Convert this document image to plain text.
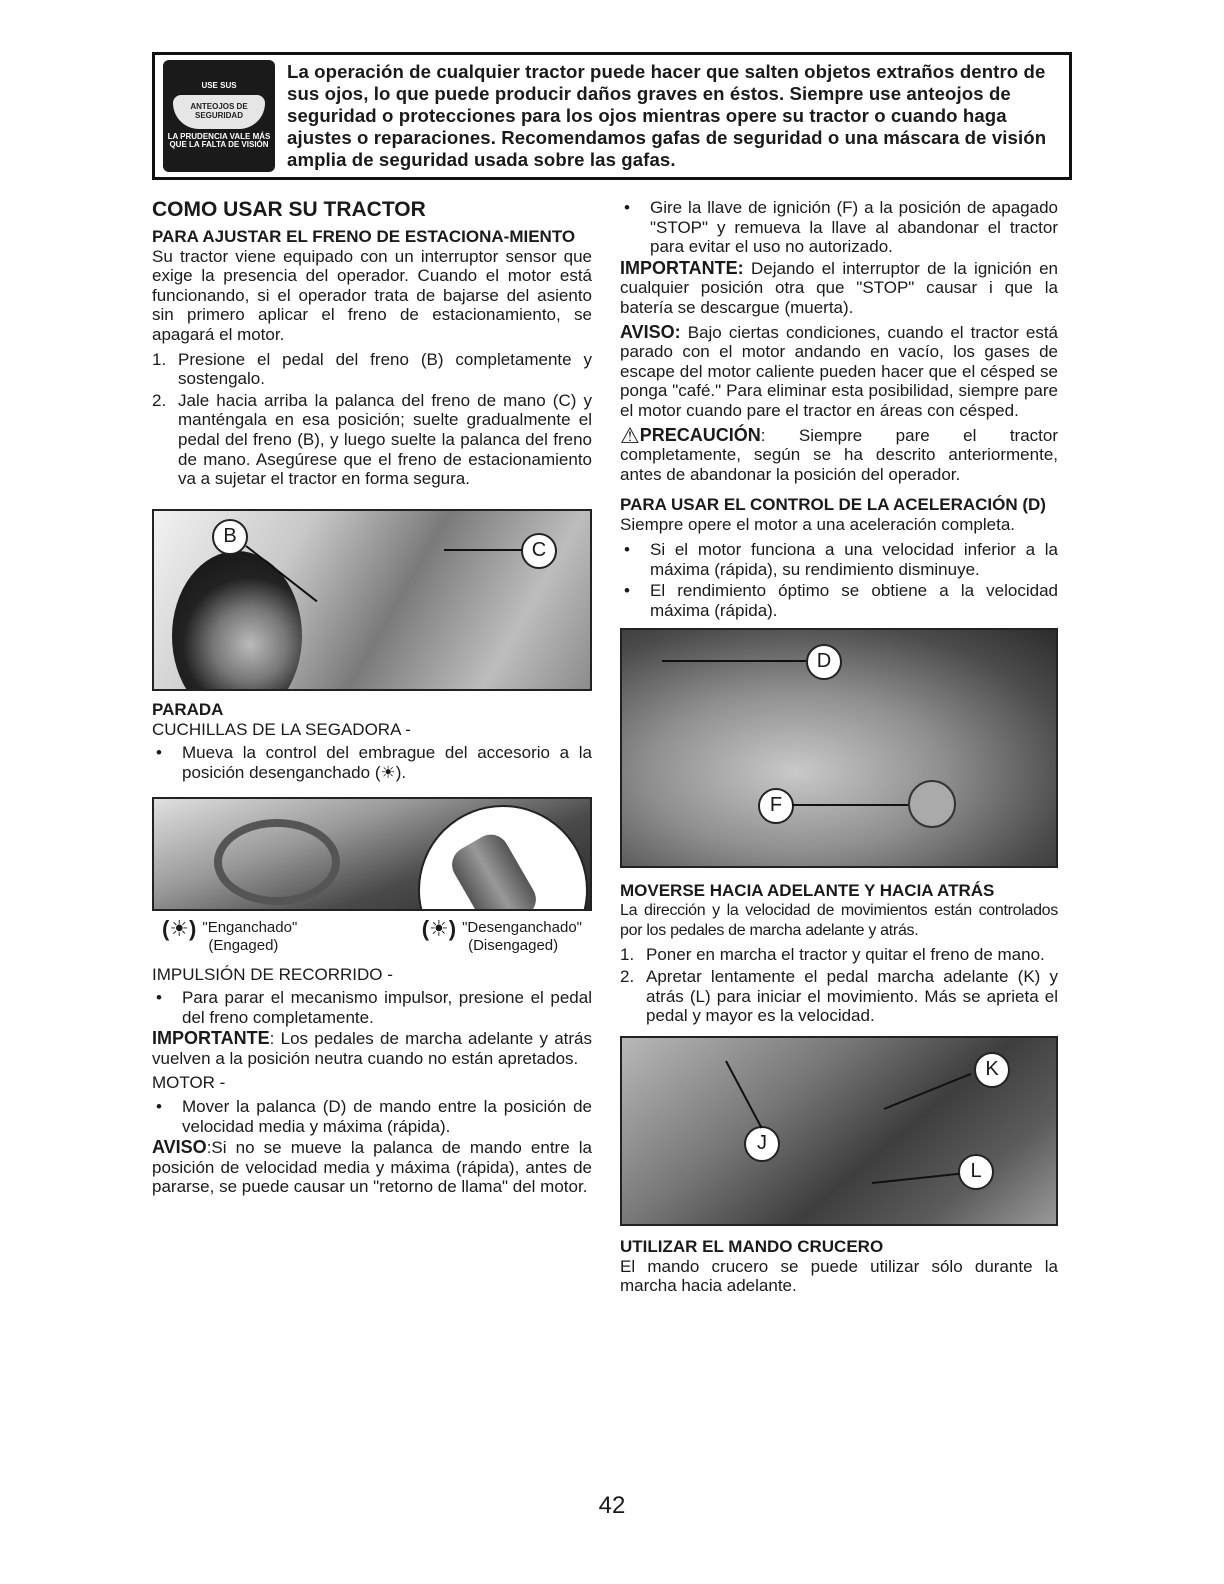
USE SUS
ANTEOJOS DE SEGURIDAD
LA PRUDENCIA VALE MÁS QUE LA FALTA DE VISIÓN
La operación de cualquier tractor puede hacer que salten objetos extraños dentro de sus ojos, lo que puede producir daños graves en éstos. Siempre use anteojos de seguridad o protecciones para los ojos mientras opere su tractor o cuando haga ajustes o reparaciones. Recomendamos gafas de seguridad o una máscara de visión amplia de seguridad usada sobre las gafas.
COMO USAR SU TRACTOR
PARA AJUSTAR EL FRENO DE ESTACIONA-MIENTO

Su tractor viene equipado con un interruptor sensor que exige la presencia del operador. Cuando el motor está funcionando, si el operador trata de bajarse del asiento sin primero aplicar el freno de estacionamiento, se apagará el motor.

1. Presione el pedal del freno (B) completamente y sostengalo.
2. Jale hacia arriba la palanca del freno de mano (C) y manténgala en esa posición; suelte gradualmente el pedal del freno (B), y luego suelte la palanca del freno de mano. Asegúrese que el freno de estacionamiento va a sujetar el tractor en forma segura.
B
C
PARADA
CUCHILLAS DE LA SEGADORA -
•	Mueva la control del embrague del accesorio a la posición desenganchado (☀).
(☀) "Enganchado"
(Engaged)
(☀) "Desenganchado"
(Disengaged)
IMPULSIÓN DE RECORRIDO -
•	Para parar el mecanismo impulsor, presione el pedal del freno completamente.

IMPORTANTE: Los pedales de marcha adelante y atrás vuelven a la posición neutra cuando no están apretados.

MOTOR -
•	Mover la palanca (D) de mando entre la posición de velocidad media y máxima (rápida).

AVISO:Si no se mueve la palanca de mando entre la posición de velocidad media y máxima (rápida), antes de pararse, se puede causar un "retorno de llama" del motor.

•	Gire la llave de ignición (F) a la posición de apagado "STOP" y remueva la llave al abandonar el tractor para evitar el uso no autorizado.

IMPORTANTE: Dejando el interruptor de la ignición en cualquier posición otra que "STOP" causar i que la batería se descargue (muerta).

AVISO: Bajo ciertas condiciones, cuando el tractor está parado con el motor andando en vacío, los gases de escape del motor caliente pueden hacer que el césped se ponga "café." Para eliminar esta posibilidad, siempre pare el motor cuando pare el tractor en áreas con césped.

⚠PRECAUCIÓN: Siempre pare el tractor completamente, según se ha descrito anteriormente, antes de abandonar la posición del operador.

PARA USAR EL CONTROL DE LA ACELERACIÓN (D)

Siempre opere el motor a una aceleración completa.

•	Si el motor funciona a una velocidad inferior a la máxima (rápida), su rendimiento disminuye.
•	El rendimiento óptimo se obtiene a la velocidad máxima (rápida).
D
F
MOVERSE HACIA ADELANTE Y HACIA ATRÁS

La dirección y la velocidad de movimientos están controlados por los pedales de marcha adelante y atrás.

1. Poner en marcha el tractor y quitar el freno de mano.
2. Apretar lentamente el pedal marcha adelante (K) y atrás (L) para iniciar el movimiento. Más se aprieta el pedal y mayor es la velocidad.
K
J
L
UTILIZAR EL MANDO CRUCERO

El mando crucero se puede utilizar sólo durante la marcha hacia adelante.

42
